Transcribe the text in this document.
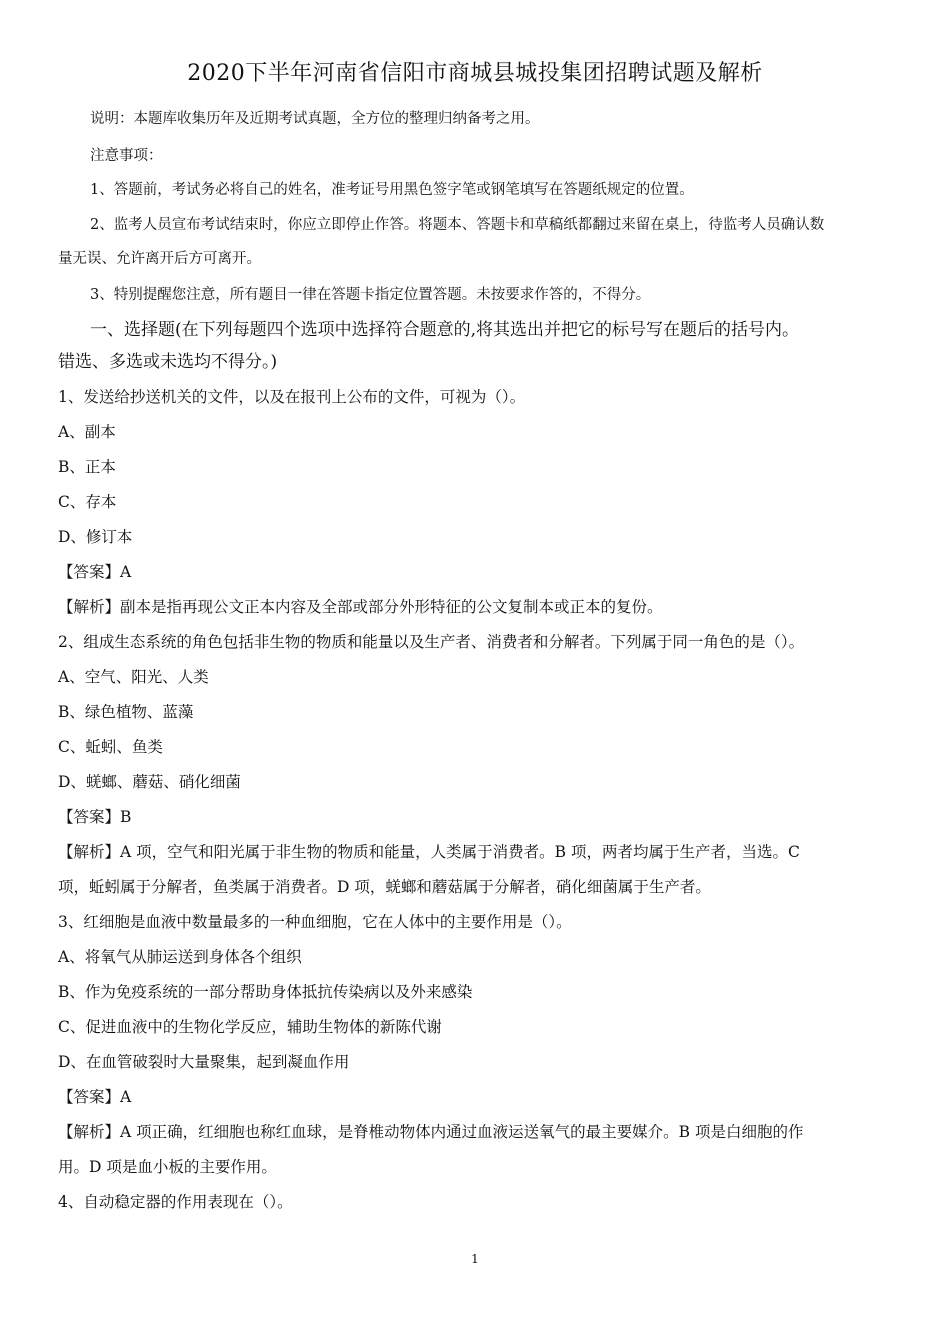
2020下半年河南省信阳市商城县城投集团招聘试题及解析
说明：本题库收集历年及近期考试真题，全方位的整理归纳备考之用。
注意事项：
1、答题前，考试务必将自己的姓名，准考证号用黑色签字笔或钢笔填写在答题纸规定的位置。
2、监考人员宣布考试结束时，你应立即停止作答。将题本、答题卡和草稿纸都翻过来留在桌上，待监考人员确认数
量无误、允许离开后方可离开。
3、特别提醒您注意，所有题目一律在答题卡指定位置答题。未按要求作答的，不得分。
一、选择题(在下列每题四个选项中选择符合题意的,将其选出并把它的标号写在题后的括号内。
错选、多选或未选均不得分。)
1、发送给抄送机关的文件，以及在报刊上公布的文件，可视为（）。
A、副本
B、正本
C、存本
D、修订本
【答案】A
【解析】副本是指再现公文正本内容及全部或部分外形特征的公文复制本或正本的复份。
2、组成生态系统的角色包括非生物的物质和能量以及生产者、消费者和分解者。下列属于同一角色的是（）。
A、空气、阳光、人类
B、绿色植物、蓝藻
C、蚯蚓、鱼类
D、蜣螂、蘑菇、硝化细菌
【答案】B
【解析】A 项，空气和阳光属于非生物的物质和能量，人类属于消费者。B 项，两者均属于生产者，当选。C
项，蚯蚓属于分解者，鱼类属于消费者。D 项，蜣螂和蘑菇属于分解者，硝化细菌属于生产者。
3、红细胞是血液中数量最多的一种血细胞，它在人体中的主要作用是（）。
A、将氧气从肺运送到身体各个组织
B、作为免疫系统的一部分帮助身体抵抗传染病以及外来感染
C、促进血液中的生物化学反应，辅助生物体的新陈代谢
D、在血管破裂时大量聚集，起到凝血作用
【答案】A
【解析】A 项正确，红细胞也称红血球，是脊椎动物体内通过血液运送氧气的最主要媒介。B 项是白细胞的作
用。D 项是血小板的主要作用。
4、自动稳定器的作用表现在（）。
1
